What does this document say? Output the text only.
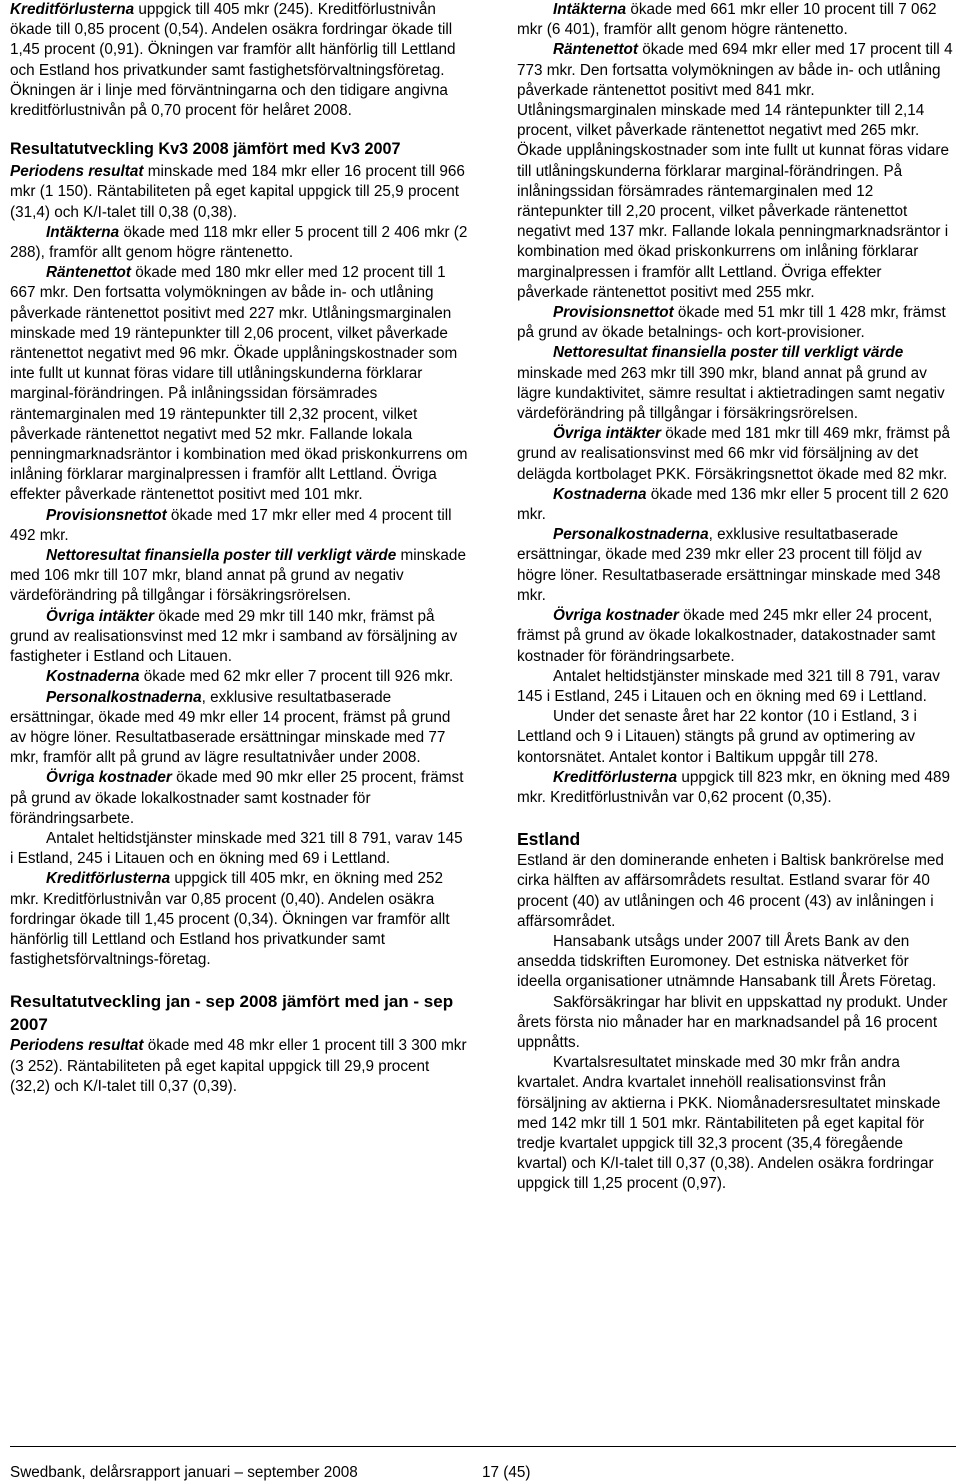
Kreditförlusterna uppgick till 405 mkr (245). Kreditförlustnivån ökade till 0,85 procent (0,54). Andelen osäkra fordringar ökade till 1,45 procent (0,91). Ökningen var framför allt hänförlig till Lettland och Estland hos privatkunder samt fastighetsförvaltningsföretag. Ökningen är i linje med förväntningarna och den tidigare angivna kreditförlustnivån på 0,70 procent för helåret 2008.
Resultatutveckling Kv3 2008 jämfört med Kv3 2007
Periodens resultat minskade med 184 mkr eller 16 procent till 966 mkr (1 150). Räntabiliteten på eget kapital uppgick till 25,9 procent (31,4) och K/I-talet till 0,38 (0,38).
Intäkterna ökade med 118 mkr eller 5 procent till 2 406 mkr (2 288), framför allt genom högre räntenetto.
Räntenettot ökade med 180 mkr eller med 12 procent till 1 667 mkr. Den fortsatta volymökningen av både in- och utlåning påverkade räntenettot positivt med 227 mkr. Utlåningsmarginalen minskade med 19 räntepunkter till 2,06 procent, vilket påverkade räntenettot negativt med 96 mkr. Ökade upplåningskostnader som inte fullt ut kunnat föras vidare till utlåningskunderna förklarar marginal-förändringen. På inlåningssidan försämrades räntemarginalen med 19 räntepunkter till 2,32 procent, vilket påverkade räntenettot negativt med 52 mkr. Fallande lokala penningmarknadsräntor i kombination med ökad priskonkurrens om inlåning förklarar marginalpressen i framför allt Lettland. Övriga effekter påverkade räntenettot positivt med 101 mkr.
Provisionsnettot ökade med 17 mkr eller med 4 procent till 492 mkr.
Nettoresultat finansiella poster till verkligt värde minskade med 106 mkr till 107 mkr, bland annat på grund av negativ värdeförändring på tillgångar i försäkringsrörelsen.
Övriga intäkter ökade med 29 mkr till 140 mkr, främst på grund av realisationsvinst med 12 mkr i samband av försäljning av fastigheter i Estland och Litauen.
Kostnaderna ökade med 62 mkr eller 7 procent till 926 mkr.
Personalkostnaderna, exklusive resultatbaserade ersättningar, ökade med 49 mkr eller 14 procent, främst på grund av högre löner. Resultatbaserade ersättningar minskade med 77 mkr, framför allt på grund av lägre resultatnivåer under 2008.
Övriga kostnader ökade med 90 mkr eller 25 procent, främst på grund av ökade lokalkostnader samt kostnader för förändringsarbete.
Antalet heltidstjänster minskade med 321 till 8 791, varav 145 i Estland, 245 i Litauen och en ökning med 69 i Lettland.
Kreditförlusterna uppgick till 405 mkr, en ökning med 252 mkr. Kreditförlustnivån var 0,85 procent (0,40). Andelen osäkra fordringar ökade till 1,45 procent (0,34). Ökningen var framför allt hänförlig till Lettland och Estland hos privatkunder samt fastighetsförvaltnings-företag.
Resultatutveckling jan - sep 2008 jämfört med jan - sep 2007
Periodens resultat ökade med 48 mkr eller 1 procent till 3 300 mkr (3 252). Räntabiliteten på eget kapital uppgick till 29,9 procent (32,2) och K/I-talet till 0,37 (0,39).
Intäkterna ökade med 661 mkr eller 10 procent till 7 062 mkr (6 401), framför allt genom högre räntenetto.
Räntenettot ökade med 694 mkr eller med 17 procent till 4 773 mkr. Den fortsatta volymökningen av både in- och utlåning påverkade räntenettot positivt med 841 mkr. Utlåningsmarginalen minskade med 14 räntepunkter till 2,14 procent, vilket påverkade räntenettot negativt med 265 mkr. Ökade upplåningskostnader som inte fullt ut kunnat föras vidare till utlåningskunderna förklarar marginal-förändringen. På inlåningssidan försämrades räntemarginalen med 12 räntepunkter till 2,20 procent, vilket påverkade räntenettot negativt med 137 mkr. Fallande lokala penningmarknadsräntor i kombination med ökad priskonkurrens om inlåning förklarar marginalpressen i framför allt Lettland. Övriga effekter påverkade räntenettot positivt med 255 mkr.
Provisionsnettot ökade med 51 mkr till 1 428 mkr, främst på grund av ökade betalnings- och kort-provisioner.
Nettoresultat finansiella poster till verkligt värde minskade med 263 mkr till 390 mkr, bland annat på grund av lägre kundaktivitet, sämre resultat i aktietradingen samt negativ värdeförändring på tillgångar i försäkringsrörelsen.
Övriga intäkter ökade med 181 mkr till 469 mkr, främst på grund av realisationsvinst med 66 mkr vid försäljning av det delägda kortbolaget PKK. Försäkringsnettot ökade med 82 mkr.
Kostnaderna ökade med 136 mkr eller 5 procent till 2 620 mkr.
Personalkostnaderna, exklusive resultatbaserade ersättningar, ökade med 239 mkr eller 23 procent till följd av högre löner. Resultatbaserade ersättningar minskade med 348 mkr.
Övriga kostnader ökade med 245 mkr eller 24 procent, främst på grund av ökade lokalkostnader, datakostnader samt kostnader för förändringsarbete.
Antalet heltidstjänster minskade med 321 till 8 791, varav 145 i Estland, 245 i Litauen och en ökning med 69 i Lettland.
Under det senaste året har 22 kontor (10 i Estland, 3 i Lettland och 9 i Litauen) stängts på grund av optimering av kontorsnätet. Antalet kontor i Baltikum uppgår till 278.
Kreditförlusterna uppgick till 823 mkr, en ökning med 489 mkr. Kreditförlustnivån var 0,62 procent (0,35).
Estland
Estland är den dominerande enheten i Baltisk bankrörelse med cirka hälften av affärsområdets resultat. Estland svarar för 40 procent (40) av utlåningen och 46 procent (43) av inlåningen i affärsområdet.
Hansabank utsågs under 2007 till Årets Bank av den ansedda tidskriften Euromoney. Det estniska nätverket för ideella organisationer utnämnde Hansabank till Årets Företag.
Sakförsäkringar har blivit en uppskattad ny produkt. Under årets första nio månader har en marknadsandel på 16 procent uppnåtts.
Kvartalsresultatet minskade med 30 mkr från andra kvartalet. Andra kvartalet innehöll realisationsvinst från försäljning av aktierna i PKK. Niomånadersresultatet minskade med 142 mkr till 1 501 mkr. Räntabiliteten på eget kapital för tredje kvartalet uppgick till 32,3 procent (35,4 föregående kvartal) och K/I-talet till 0,37 (0,38). Andelen osäkra fordringar uppgick till 1,25 procent (0,97).
Swedbank, delårsrapport januari – september 2008	17 (45)
